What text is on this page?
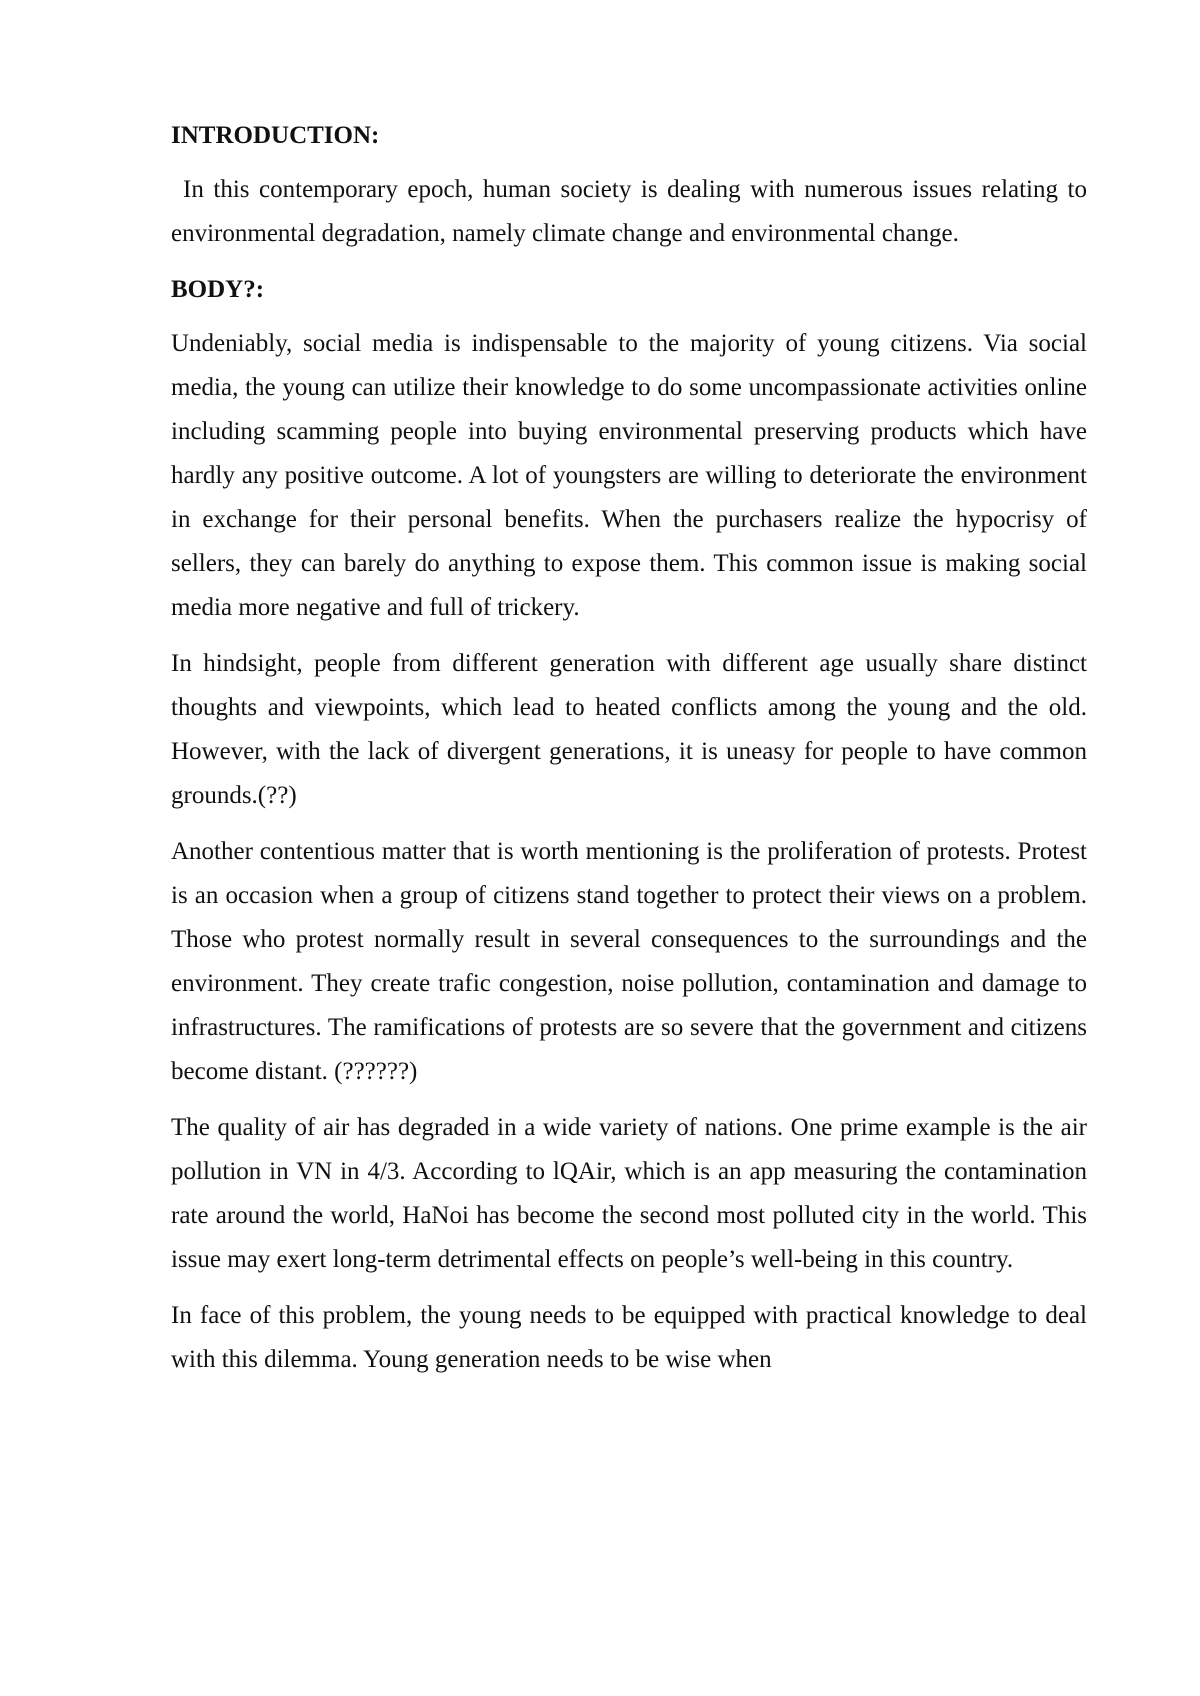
INTRODUCTION:

In this contemporary epoch, human society is dealing with numerous issues relating to environmental degradation, namely climate change and environmental change.

BODY?:

Undeniably, social media is indispensable to the majority of young citizens. Via social media, the young can utilize their knowledge to do some uncompassionate activities online including scamming people into buying environmental preserving products which have hardly any positive outcome. A lot of youngsters are willing to deteriorate the environment in exchange for their personal benefits. When the purchasers realize the hypocrisy of sellers, they can barely do anything to expose them. This common issue is making social media more negative and full of trickery.

In hindsight, people from different generation with different age usually share distinct thoughts and viewpoints, which lead to heated conflicts among the young and the old. However, with the lack of divergent generations, it is uneasy for people to have common grounds.(??)

Another contentious matter that is worth mentioning is the proliferation of protests. Protest is an occasion when a group of citizens stand together to protect their views on a problem. Those who protest normally result in several consequences to the surroundings and the environment. They create trafic congestion, noise pollution, contamination and damage to infrastructures. The ramifications of protests are so severe that the government and citizens become distant. (??????)

The quality of air has degraded in a wide variety of nations. One prime example is the air pollution in VN in 4/3. According to lQAir, which is an app measuring the contamination rate around the world, HaNoi has become the second most polluted city in the world. This issue may exert long-term detrimental effects on people’s well-being in this country.

In face of this problem, the young needs to be equipped with practical knowledge to deal with this dilemma. Young generation needs to be wise when
